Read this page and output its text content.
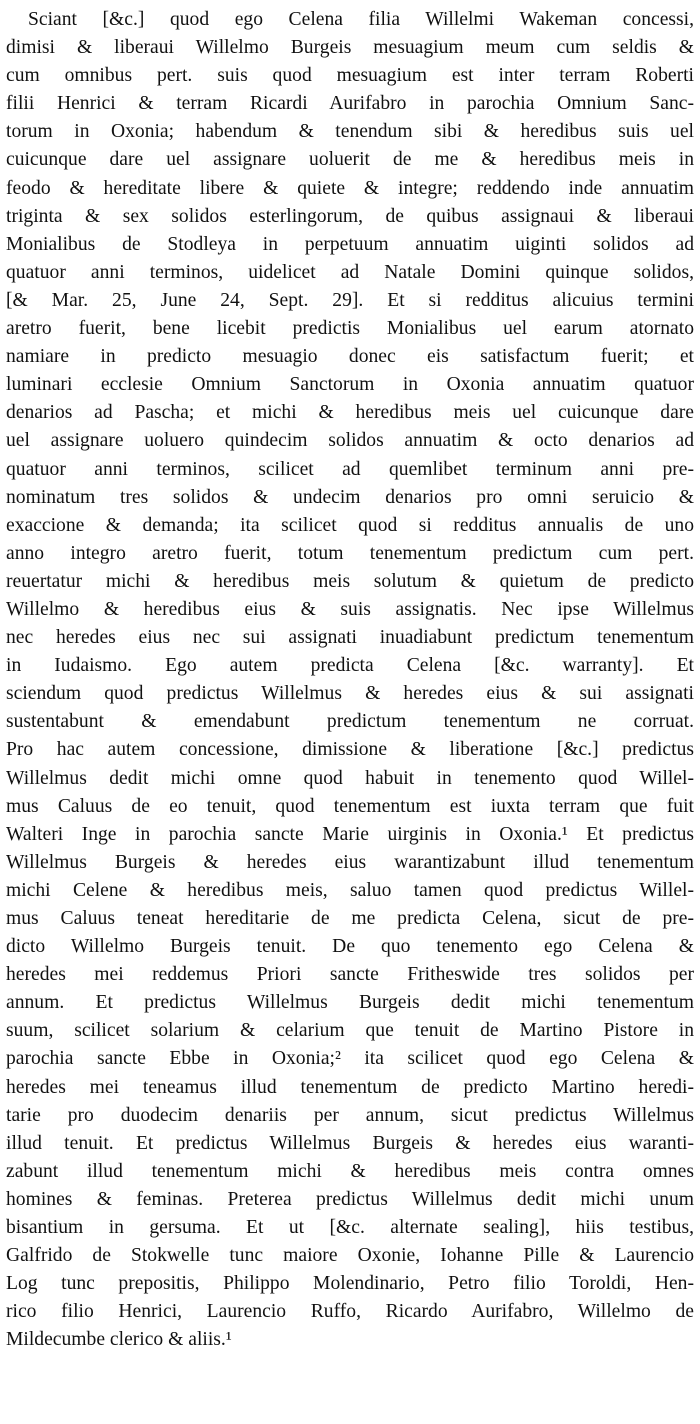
Sciant [&c.] quod ego Celena filia Willelmi Wakeman concessi,
dimisi & liberaui Willelmo Burgeis mesuagium meum cum seldis &
cum omnibus pert. suis quod mesuagium est inter terram Roberti
filii Henrici & terram Ricardi Aurifabro in parochia Omnium Sanc-
torum in Oxonia; habendum & tenendum sibi & heredibus suis uel
cuicunque dare uel assignare uoluerit de me & heredibus meis in
feodo & hereditate libere & quiete & integre; reddendo inde annuatim
triginta & sex solidos esterlingorum, de quibus assignaui & liberaui
Monialibus de Stodleya in perpetuum annuatim uiginti solidos ad
quatuor anni terminos, uidelicet ad Natale Domini quinque solidos,
[& Mar. 25, June 24, Sept. 29]. Et si redditus alicuius termini
aretro fuerit, bene licebit predictis Monialibus uel earum atornato
namiare in predicto mesuagio donec eis satisfactum fuerit; et
luminari ecclesie Omnium Sanctorum in Oxonia annuatim quatuor
denarios ad Pascha; et michi & heredibus meis uel cuicunque dare
uel assignare uoluero quindecim solidos annuatim & octo denarios ad
quatuor anni terminos, scilicet ad quemlibet terminum anni pre-
nominatum tres solidos & undecim denarios pro omni seruicio &
exaccione & demanda; ita scilicet quod si redditus annualis de uno
anno integro aretro fuerit, totum tenementum predictum cum pert.
reuertatur michi & heredibus meis solutum & quietum de predicto
Willelmo & heredibus eius & suis assignatis. Nec ipse Willelmus
nec heredes eius nec sui assignati inuadiabunt predictum tenementum
in Iudaismo. Ego autem predicta Celena [&c. warranty]. Et
sciendum quod predictus Willelmus & heredes eius & sui assignati
sustentabunt & emendabunt predictum tenementum ne corruat.
Pro hac autem concessione, dimissione & liberatione [&c.] predictus
Willelmus dedit michi omne quod habuit in tenemento quod Willel-
mus Caluus de eo tenuit, quod tenementum est iuxta terram que fuit
Walteri Inge in parochia sancte Marie uirginis in Oxonia.¹ Et predictus
Willelmus Burgeis & heredes eius warantizabunt illud tenementum
michi Celene & heredibus meis, saluo tamen quod predictus Willel-
mus Caluus teneat hereditarie de me predicta Celena, sicut de pre-
dicto Willelmo Burgeis tenuit. De quo tenemento ego Celena &
heredes mei reddemus Priori sancte Fritheswide tres solidos per
annum. Et predictus Willelmus Burgeis dedit michi tenementum
suum, scilicet solarium & celarium que tenuit de Martino Pistore in
parochia sancte Ebbe in Oxonia;² ita scilicet quod ego Celena &
heredes mei teneamus illud tenementum de predicto Martino heredi-
tarie pro duodecim denariis per annum, sicut predictus Willelmus
illud tenuit. Et predictus Willelmus Burgeis & heredes eius waranti-
zabunt illud tenementum michi & heredibus meis contra omnes
homines & feminas. Preterea predictus Willelmus dedit michi unum
bisantium in gersuma. Et ut [&c. alternate sealing], hiis testibus,
Galfrido de Stokwelle tunc maiore Oxonie, Iohanne Pille & Laurencio
Log tunc prepositis, Philippo Molendinario, Petro filio Toroldi, Hen-
rico filio Henrici, Laurencio Ruffo, Ricardo Aurifabro, Willelmo de
Mildecumbe clerico & aliis.¹
